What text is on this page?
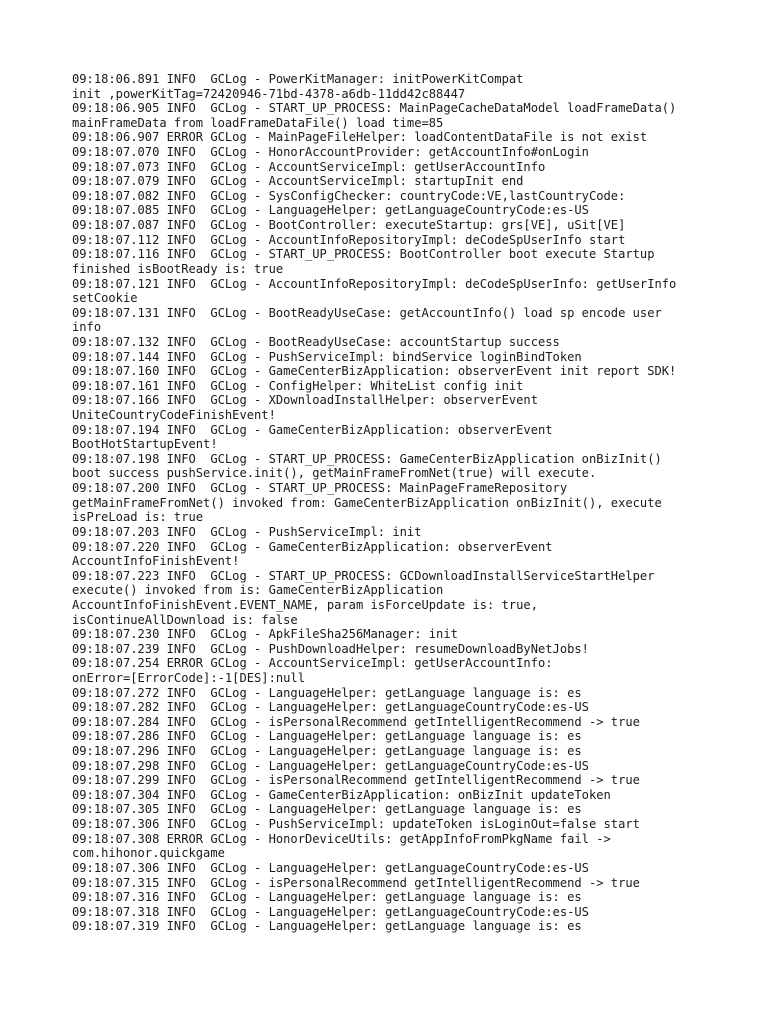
09:18:06.891 INFO  GCLog - PowerKitManager: initPowerKitCompat
init ,powerKitTag=72420946-71bd-4378-a6db-11dd42c88447
09:18:06.905 INFO  GCLog - START_UP_PROCESS: MainPageCacheDataModel loadFrameData()
mainFrameData from loadFrameDataFile() load time=85
09:18:06.907 ERROR GCLog - MainPageFileHelper: loadContentDataFile is not exist
09:18:07.070 INFO  GCLog - HonorAccountProvider: getAccountInfo#onLogin
09:18:07.073 INFO  GCLog - AccountServiceImpl: getUserAccountInfo
09:18:07.079 INFO  GCLog - AccountServiceImpl: startupInit end
09:18:07.082 INFO  GCLog - SysConfigChecker: countryCode:VE,lastCountryCode:
09:18:07.085 INFO  GCLog - LanguageHelper: getLanguageCountryCode:es-US
09:18:07.087 INFO  GCLog - BootController: executeStartup: grs[VE], uSit[VE]
09:18:07.112 INFO  GCLog - AccountInfoRepositoryImpl: deCodeSpUserInfo start
09:18:07.116 INFO  GCLog - START_UP_PROCESS: BootController boot execute Startup
finished isBootReady is: true
09:18:07.121 INFO  GCLog - AccountInfoRepositoryImpl: deCodeSpUserInfo: getUserInfo
setCookie
09:18:07.131 INFO  GCLog - BootReadyUseCase: getAccountInfo() load sp encode user
info
09:18:07.132 INFO  GCLog - BootReadyUseCase: accountStartup success
09:18:07.144 INFO  GCLog - PushServiceImpl: bindService loginBindToken
09:18:07.160 INFO  GCLog - GameCenterBizApplication: observerEvent init report SDK!
09:18:07.161 INFO  GCLog - ConfigHelper: WhiteList config init
09:18:07.166 INFO  GCLog - XDownloadInstallHelper: observerEvent
UniteCountryCodeFinishEvent!
09:18:07.194 INFO  GCLog - GameCenterBizApplication: observerEvent
BootHotStartupEvent!
09:18:07.198 INFO  GCLog - START_UP_PROCESS: GameCenterBizApplication onBizInit()
boot success pushService.init(), getMainFrameFromNet(true) will execute.
09:18:07.200 INFO  GCLog - START_UP_PROCESS: MainPageFrameRepository
getMainFrameFromNet() invoked from: GameCenterBizApplication onBizInit(), execute
isPreLoad is: true
09:18:07.203 INFO  GCLog - PushServiceImpl: init
09:18:07.220 INFO  GCLog - GameCenterBizApplication: observerEvent
AccountInfoFinishEvent!
09:18:07.223 INFO  GCLog - START_UP_PROCESS: GCDownloadInstallServiceStartHelper
execute() invoked from is: GameCenterBizApplication
AccountInfoFinishEvent.EVENT_NAME, param isForceUpdate is: true,
isContinueAllDownload is: false
09:18:07.230 INFO  GCLog - ApkFileSha256Manager: init
09:18:07.239 INFO  GCLog - PushDownloadHelper: resumeDownloadByNetJobs!
09:18:07.254 ERROR GCLog - AccountServiceImpl: getUserAccountInfo:
onError=[ErrorCode]:-1[DES]:null
09:18:07.272 INFO  GCLog - LanguageHelper: getLanguage language is: es
09:18:07.282 INFO  GCLog - LanguageHelper: getLanguageCountryCode:es-US
09:18:07.284 INFO  GCLog - isPersonalRecommend getIntelligentRecommend -> true
09:18:07.286 INFO  GCLog - LanguageHelper: getLanguage language is: es
09:18:07.296 INFO  GCLog - LanguageHelper: getLanguage language is: es
09:18:07.298 INFO  GCLog - LanguageHelper: getLanguageCountryCode:es-US
09:18:07.299 INFO  GCLog - isPersonalRecommend getIntelligentRecommend -> true
09:18:07.304 INFO  GCLog - GameCenterBizApplication: onBizInit updateToken
09:18:07.305 INFO  GCLog - LanguageHelper: getLanguage language is: es
09:18:07.306 INFO  GCLog - PushServiceImpl: updateToken isLoginOut=false start
09:18:07.308 ERROR GCLog - HonorDeviceUtils: getAppInfoFromPkgName fail ->
com.hihonor.quickgame
09:18:07.306 INFO  GCLog - LanguageHelper: getLanguageCountryCode:es-US
09:18:07.315 INFO  GCLog - isPersonalRecommend getIntelligentRecommend -> true
09:18:07.316 INFO  GCLog - LanguageHelper: getLanguage language is: es
09:18:07.318 INFO  GCLog - LanguageHelper: getLanguageCountryCode:es-US
09:18:07.319 INFO  GCLog - LanguageHelper: getLanguage language is: es
